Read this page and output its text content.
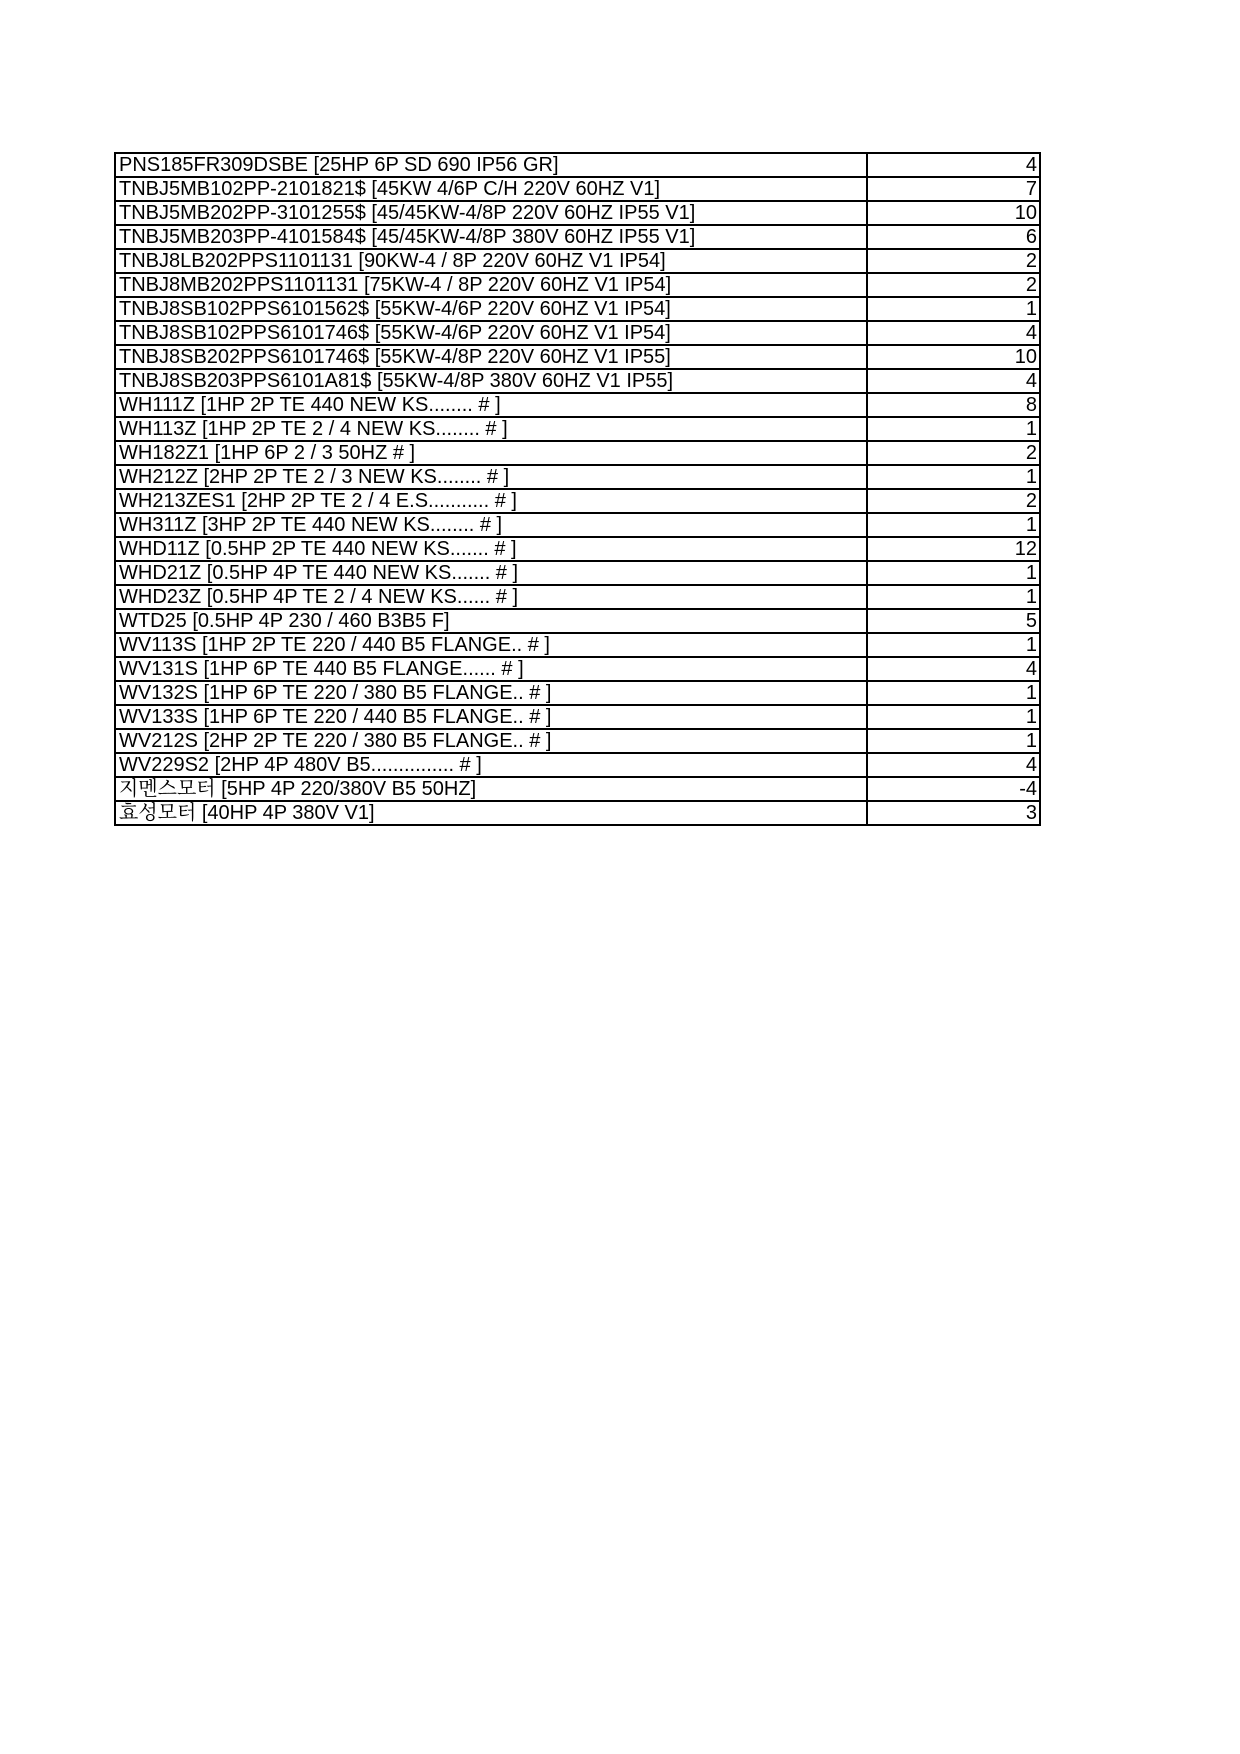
PNS185FR309DSBE [25HP 6P SD 690 IP56 GR]	4
TNBJ5MB102PP-2101821$ [45KW 4/6P C/H 220V 60HZ V1]	7
TNBJ5MB202PP-3101255$ [45/45KW-4/8P 220V 60HZ IP55 V1]	10
TNBJ5MB203PP-4101584$ [45/45KW-4/8P 380V 60HZ IP55 V1]	6
TNBJ8LB202PPS1101131 [90KW-4 / 8P 220V 60HZ V1 IP54]	2
TNBJ8MB202PPS1101131 [75KW-4 / 8P 220V 60HZ V1 IP54]	2
TNBJ8SB102PPS6101562$ [55KW-4/6P 220V 60HZ V1 IP54]	1
TNBJ8SB102PPS6101746$ [55KW-4/6P 220V 60HZ V1 IP54]	4
TNBJ8SB202PPS6101746$ [55KW-4/8P 220V 60HZ V1 IP55]	10
TNBJ8SB203PPS6101A81$ [55KW-4/8P 380V 60HZ V1 IP55]	4
WH111Z [1HP 2P TE 440 NEW KS........ # ]	8
WH113Z [1HP 2P TE 2 / 4 NEW KS........ # ]	1
WH182Z1 [1HP 6P 2 / 3 50HZ # ]	2
WH212Z [2HP 2P TE 2 / 3 NEW KS........ # ]	1
WH213ZES1 [2HP 2P TE 2 / 4 E.S........... # ]	2
WH311Z [3HP 2P TE 440 NEW KS........ # ]	1
WHD11Z [0.5HP 2P TE 440 NEW KS....... # ]	12
WHD21Z [0.5HP 4P TE 440 NEW KS....... # ]	1
WHD23Z [0.5HP 4P TE 2 / 4 NEW KS...... # ]	1
WTD25 [0.5HP 4P 230 / 460 B3B5 F]	5
WV113S [1HP 2P TE 220 / 440 B5 FLANGE.. # ]	1
WV131S [1HP 6P TE 440 B5 FLANGE...... # ]	4
WV132S [1HP 6P TE 220 / 380 B5 FLANGE.. # ]	1
WV133S [1HP 6P TE 220 / 440 B5 FLANGE.. # ]	1
WV212S [2HP 2P TE 220 / 380 B5 FLANGE.. # ]	1
WV229S2 [2HP 4P 480V B5............... # ]	4
지멘스모터 [5HP 4P 220/380V B5 50HZ]	-4
효성모터 [40HP 4P 380V V1]	3
